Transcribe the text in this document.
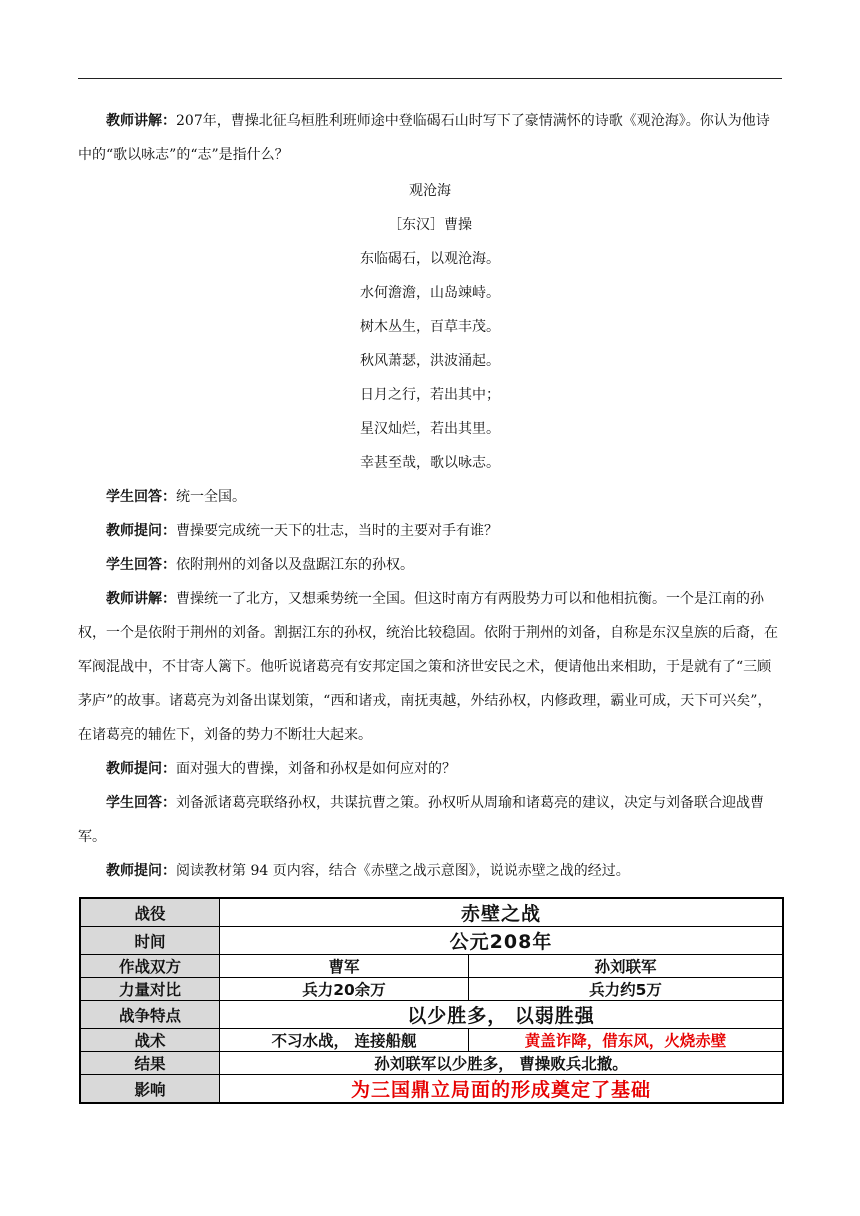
教师讲解：207年，曹操北征乌桓胜利班师途中登临碣石山时写下了豪情满怀的诗歌《观沧海》。你认为他诗中的“歌以咏志”的“志”是指什么？

观沧海

［东汉］曹操

东临碣石，以观沧海。

水何澹澹，山岛竦峙。

树木丛生，百草丰茂。

秋风萧瑟，洪波涌起。

日月之行，若出其中；

星汉灿烂，若出其里。

幸甚至哉，歌以咏志。

学生回答：统一全国。

教师提问：曹操要完成统一天下的壮志，当时的主要对手有谁？

学生回答：依附荆州的刘备以及盘踞江东的孙权。

教师讲解：曹操统一了北方，又想乘势统一全国。但这时南方有两股势力可以和他相抗衡。一个是江南的孙权，一个是依附于荆州的刘备。割据江东的孙权，统治比较稳固。依附于荆州的刘备，自称是东汉皇族的后裔，在军阀混战中，不甘寄人篱下。他听说诸葛亮有安邦定国之策和济世安民之术，便请他出来相助，于是就有了“三顾茅庐”的故事。诸葛亮为刘备出谋划策，“西和诸戎，南抚夷越，外结孙权，内修政理，霸业可成，天下可兴矣”，在诸葛亮的辅佐下，刘备的势力不断壮大起来。

教师提问：面对强大的曹操，刘备和孙权是如何应对的？

学生回答：刘备派诸葛亮联络孙权，共谋抗曹之策。孙权听从周瑜和诸葛亮的建议，决定与刘备联合迎战曹军。

教师提问：阅读教材第 94 页内容，结合《赤壁之战示意图》，说说赤壁之战的经过。

战役	赤壁之战	
时间	公元208年	
作战双方	曹军	孙刘联军
力量对比	兵力20余万	兵力约5万
战争特点	以少胜多， 以弱胜强	
战术	不习水战， 连接船舰	黄盖诈降，借东风，火烧赤壁
结果	孙刘联军以少胜多， 曹操败兵北撤。	
影响	为三国鼎立局面的形成奠定了基础	
